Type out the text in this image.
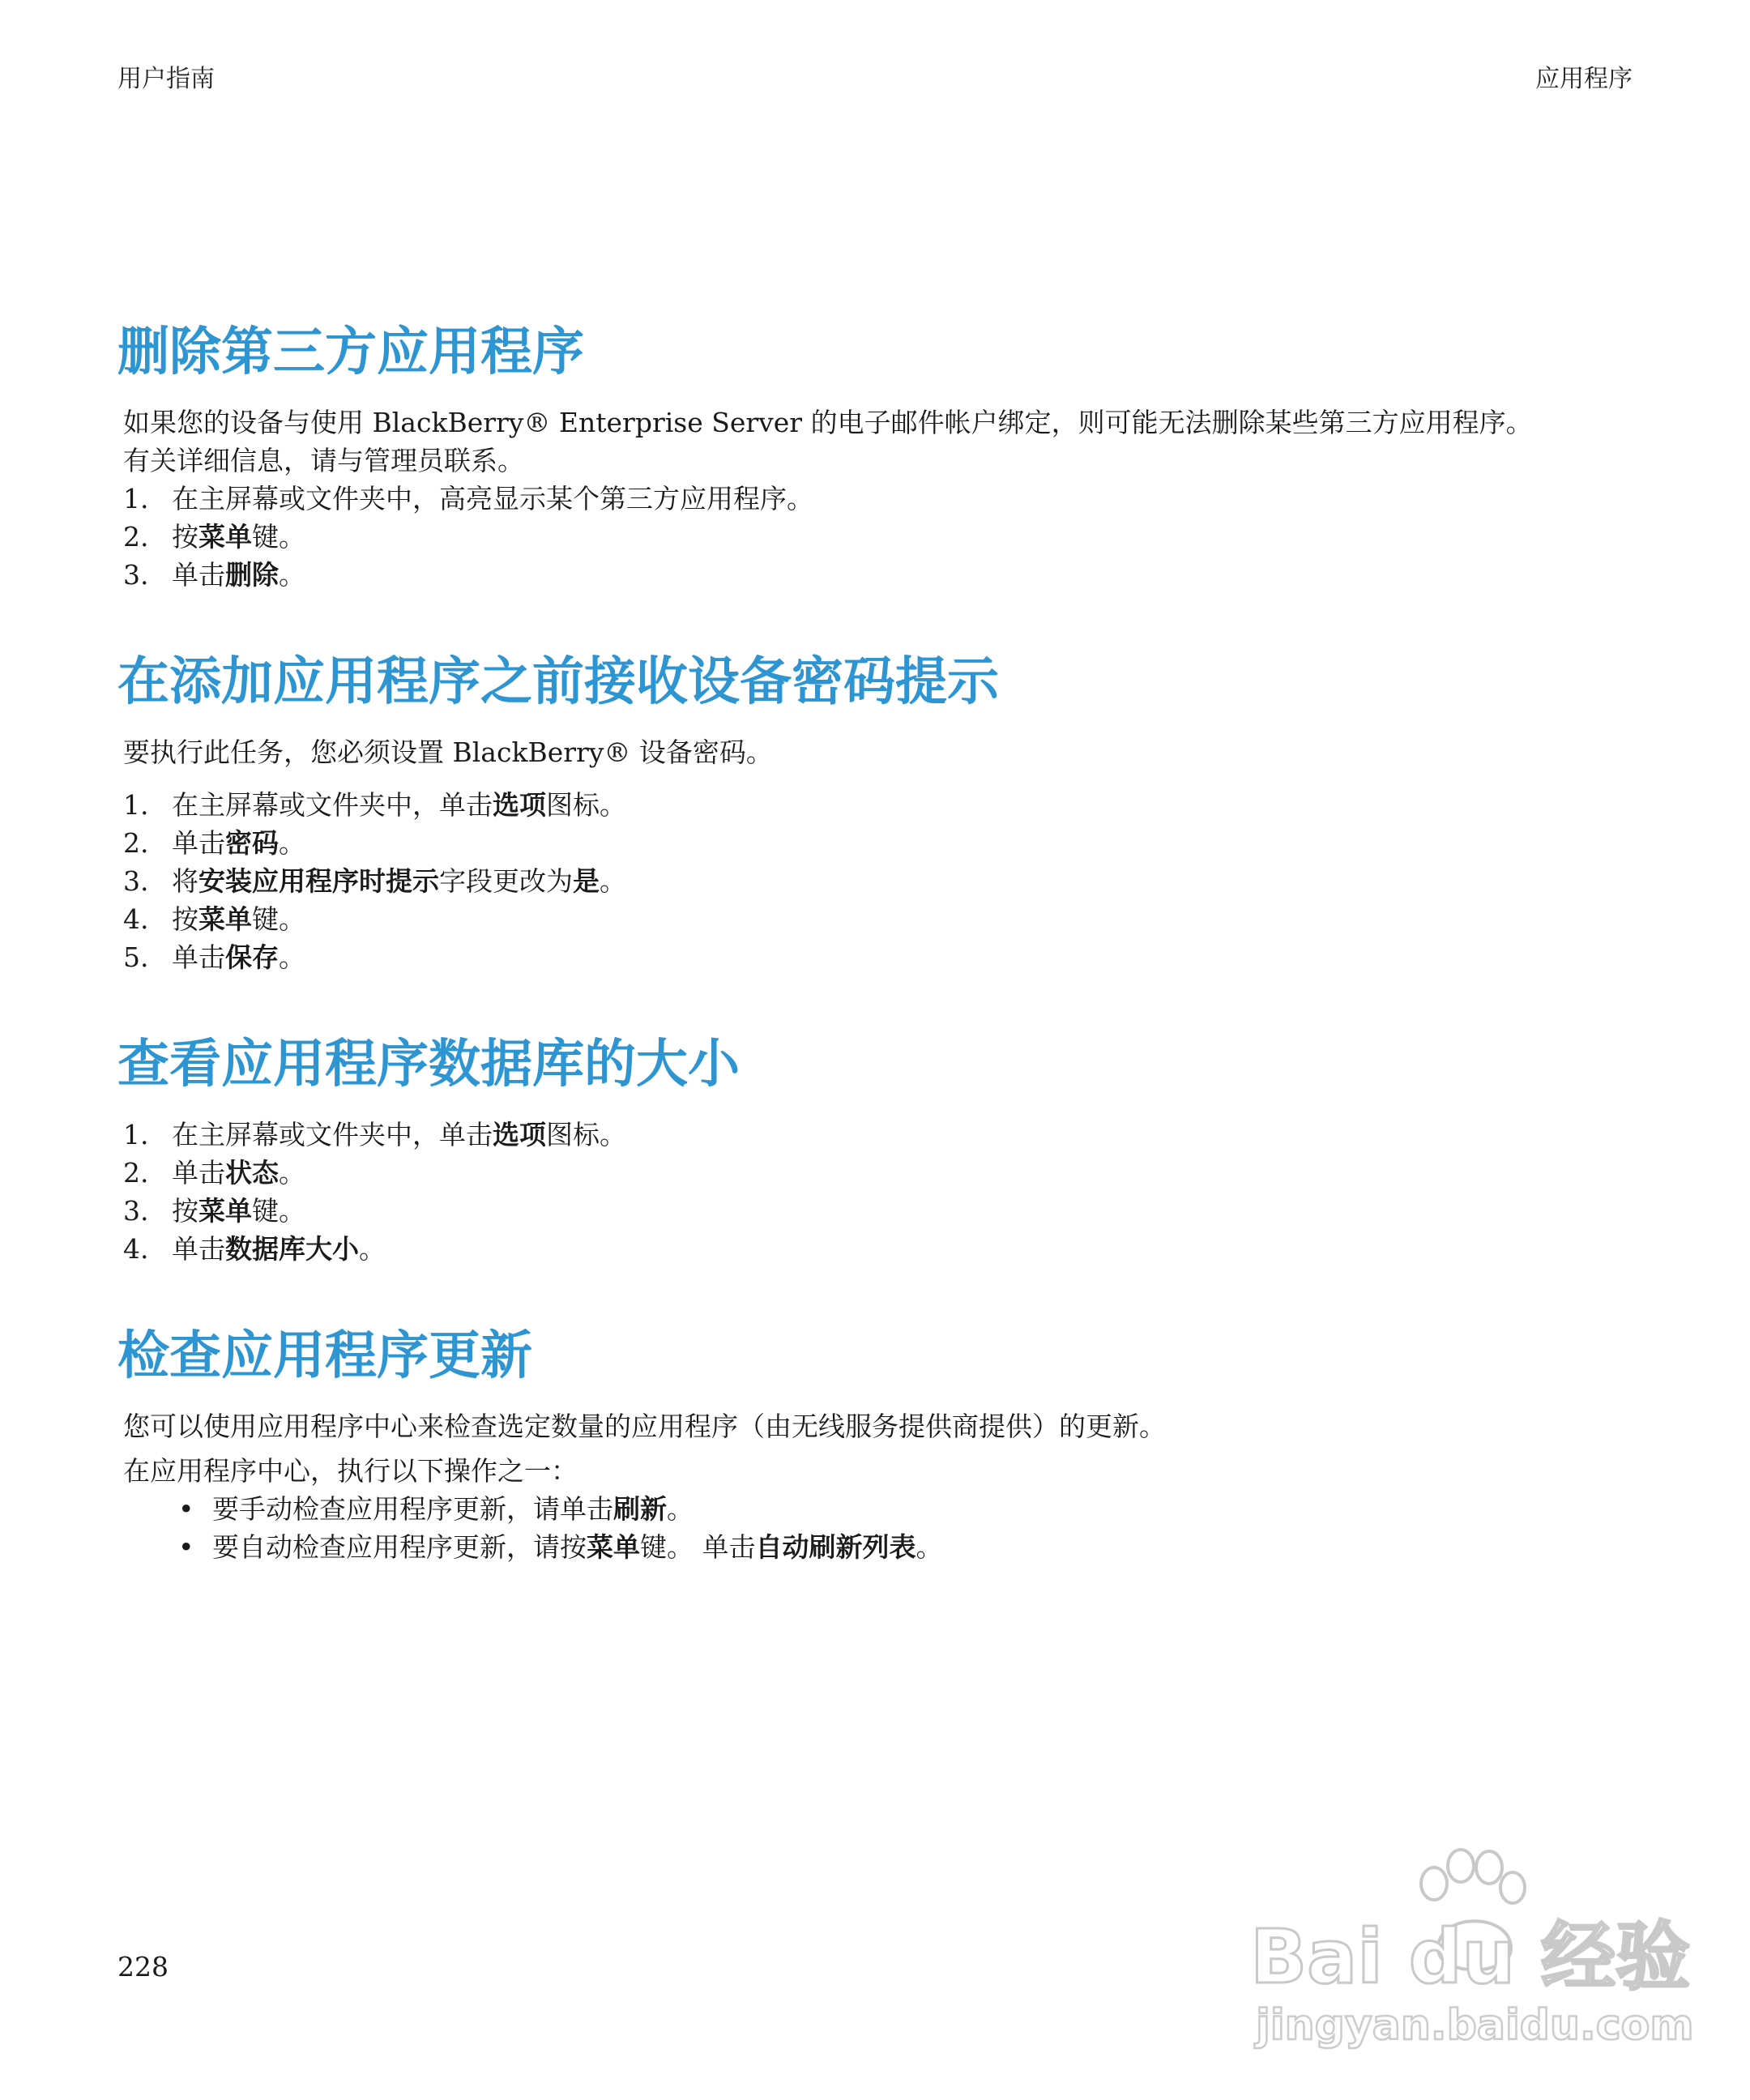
用户指南	应用程序
删除第三方应用程序

如果您的设备与使用 BlackBerry® Enterprise Server 的电子邮件帐户绑定，则可能无法删除某些第三方应用程序。

有关详细信息，请与管理员联系。

1. 在主屏幕或文件夹中，高亮显示某个第三方应用程序。
2. 按 菜单 键。
3. 单击 删除 。
在添加应用程序之前接收设备密码提示

要执行此任务，您必须设置 BlackBerry® 设备密码。

1. 在主屏幕或文件夹中，单击 选项 图标。
2. 单击 密码 。
3. 将 安装应用程序时提示 字段更改为 是 。
4. 按 菜单 键。
5. 单击 保存 。
查看应用程序数据库的大小
1. 在主屏幕或文件夹中，单击 选项 图标。
2. 单击 状态 。
3. 按 菜单 键。
4. 单击 数据库大小 。
检查应用程序更新

您可以使用应用程序中心来检查选定数量的应用程序（由无线服务提供商提供）的更新。

在应用程序中心，执行以下操作之一：

• 要手动检查应用程序更新，请单击 刷新 。
• 要自动检查应用程序更新，请按 菜单 键。 单击 自动刷新列表 。
228	Bai du 经验
jingyan.baidu.com
